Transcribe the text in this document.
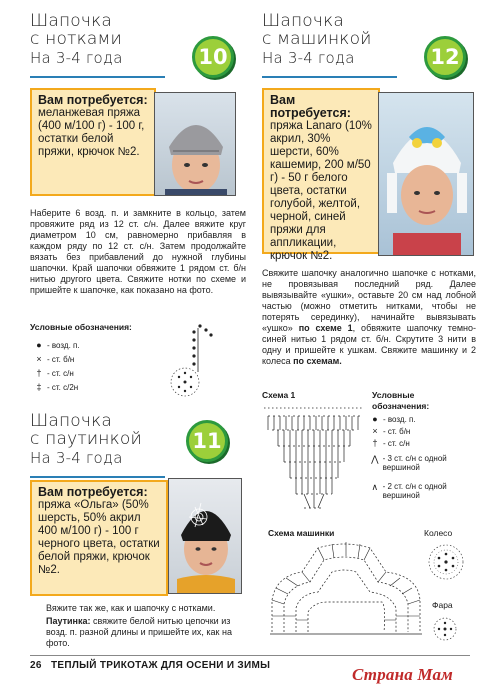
Шапочка
с нотками
На 3-4 года	10
Вам потребуется:
меланжевая пряжа (400 м/100 г) - 100 г, остатки белой пряжи, крючок №2.
Наберите 6 возд. п. и замкните в кольцо, затем провяжите ряд из 12 ст. с/н. Далее вяжите круг диаметром 10 см, равномерно прибавляя в каждом ряду по 12 ст. с/н. Затем продолжайте вязать без прибавлений до нужной глубины шапочки. Край шапочки обвяжите 1 рядом ст. б/н нитью другого цвета. Свяжите нотки по схеме и пришейте к шапочке, как показано на фото.
Условные обозначения:
● - возд. п.
× - ст. б/н
† - ст. с/н
‡ - ст. с/2н
Шапочка
с паутинкой
На 3-4 года
11
Вам потребуется:
пряжа «Ольга» (50% шерсть, 50% акрил 400 м/100 г) - 100 г черного цвета, остатки белой пряжи, крючок №2.
Вяжите так же, как и шапочку с нотками.
Паутинка: свяжите белой нитью цепочки из возд. п. разной длины и пришейте их, как на фото.
Шапочка
с машинкой
На 3-4 года	12
Вам потребуется:
пряжа Lanaro (10% акрил, 30% шерсти, 60% кашемир, 200 м/50 г) - 50 г белого цвета, остатки голубой, желтой, черной, синей пряжи для аппликации, крючок №2.
Свяжите шапочку аналогично шапочке с нотками, не провязывая последний ряд. Далее вывязывайте «ушки», оставьте 20 см над лобной частью (можно отметить нитками, чтобы не потерять серединку), начинайте вывязывать «ушко» по схеме 1, обвяжите шапочку темно-синей нитью 1 рядом ст. б/н. Скрутите 3 нити в одну и пришейте к ушкам. Свяжите машинку и 2 колеса по схемам.
Схема 1	Условные
обозначения:
● - возд. п.
× - ст. б/н
† - ст. с/н
⋀ - 3 ст. с/н с одной вершиной
∧ - 2 ст. с/н с одной вершиной
Схема машинки	Колесо
Фара
26 ТЕПЛЫЙ ТРИКОТАЖ ДЛЯ ОСЕНИ И ЗИМЫ	Страна Мам
